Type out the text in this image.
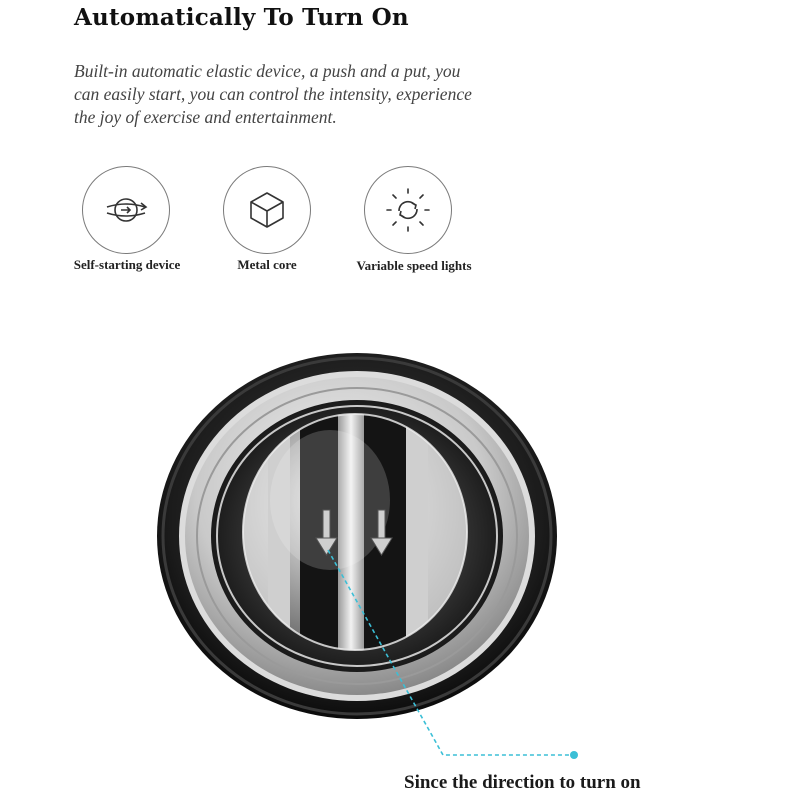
Automatically To Turn On
Built-in automatic elastic device, a push and a put, you
can easily start, you can control the intensity, experience
the joy of exercise and entertainment.
Self-starting device	Metal core	Variable speed lights
Since the direction to turn on
